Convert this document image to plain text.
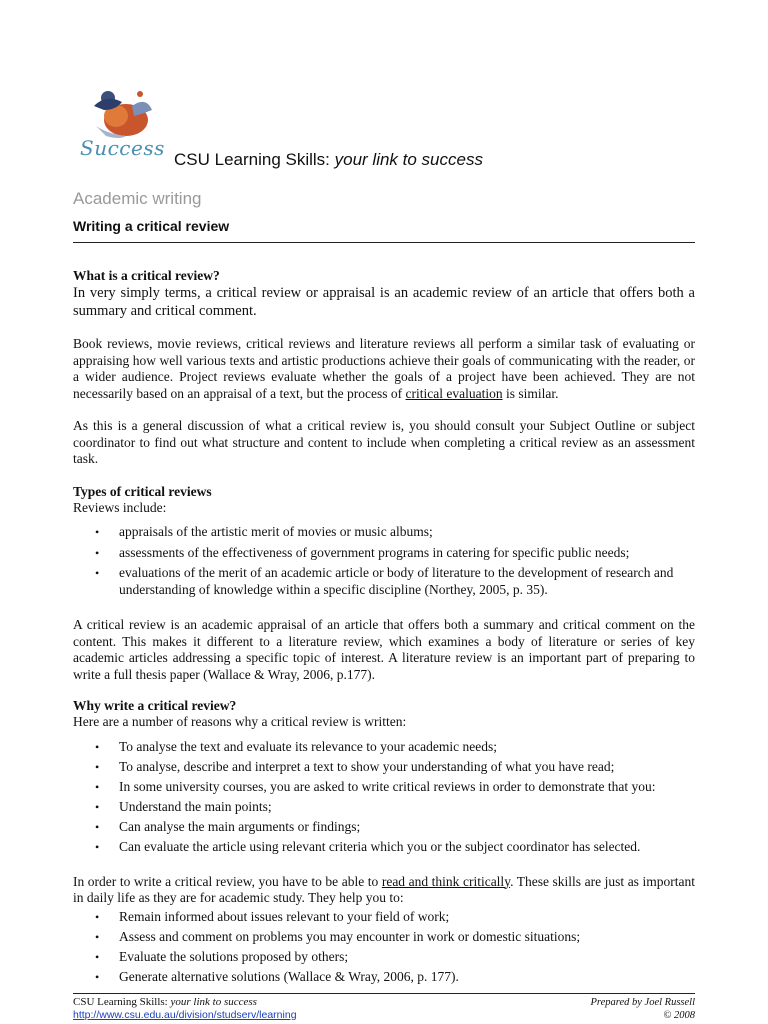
Success CSU Learning Skills: your link to success
Academic writing
Writing a critical review
What is a critical review?

In very simply terms, a critical review or appraisal is an academic review of an article that offers both a summary and critical comment.

Book reviews, movie reviews, critical reviews and literature reviews all perform a similar task of evaluating or appraising how well various texts and artistic productions achieve their goals of communicating with the reader, or a wider audience. Project reviews evaluate whether the goals of a project have been achieved. They are not necessarily based on an appraisal of a text, but the process of critical evaluation is similar.

As this is a general discussion of what a critical review is, you should consult your Subject Outline or subject coordinator to find out what structure and content to include when completing a critical review as an assessment task.

Types of critical reviews

Reviews include:

• appraisals of the artistic merit of movies or music albums;
• assessments of the effectiveness of government programs in catering for specific public needs;
• evaluations of the merit of an academic article or body of literature to the development of research and understanding of knowledge within a specific discipline (Northey, 2005, p. 35).

A critical review is an academic appraisal of an article that offers both a summary and critical comment on the content. This makes it different to a literature review, which examines a body of literature or series of key academic articles addressing a specific topic of interest. A literature review is an important part of preparing to write a full thesis paper (Wallace & Wray, 2006, p.177).

Why write a critical review?

Here are a number of reasons why a critical review is written:

• To analyse the text and evaluate its relevance to your academic needs;
• To analyse, describe and interpret a text to show your understanding of what you have read;
• In some university courses, you are asked to write critical reviews in order to demonstrate that you:
• Understand the main points;
• Can analyse the main arguments or findings;
• Can evaluate the article using relevant criteria which you or the subject coordinator has selected.

In order to write a critical review, you have to be able to read and think critically. These skills are just as important in daily life as they are for academic study. They help you to:

• Remain informed about issues relevant to your field of work;
• Assess and comment on problems you may encounter in work or domestic situations;
• Evaluate the solutions proposed by others;
• Generate alternative solutions (Wallace & Wray, 2006, p. 177).
CSU Learning Skills: your link to success
http://www.csu.edu.au/division/studserv/learning
Prepared by Joel Russell
© 2008
